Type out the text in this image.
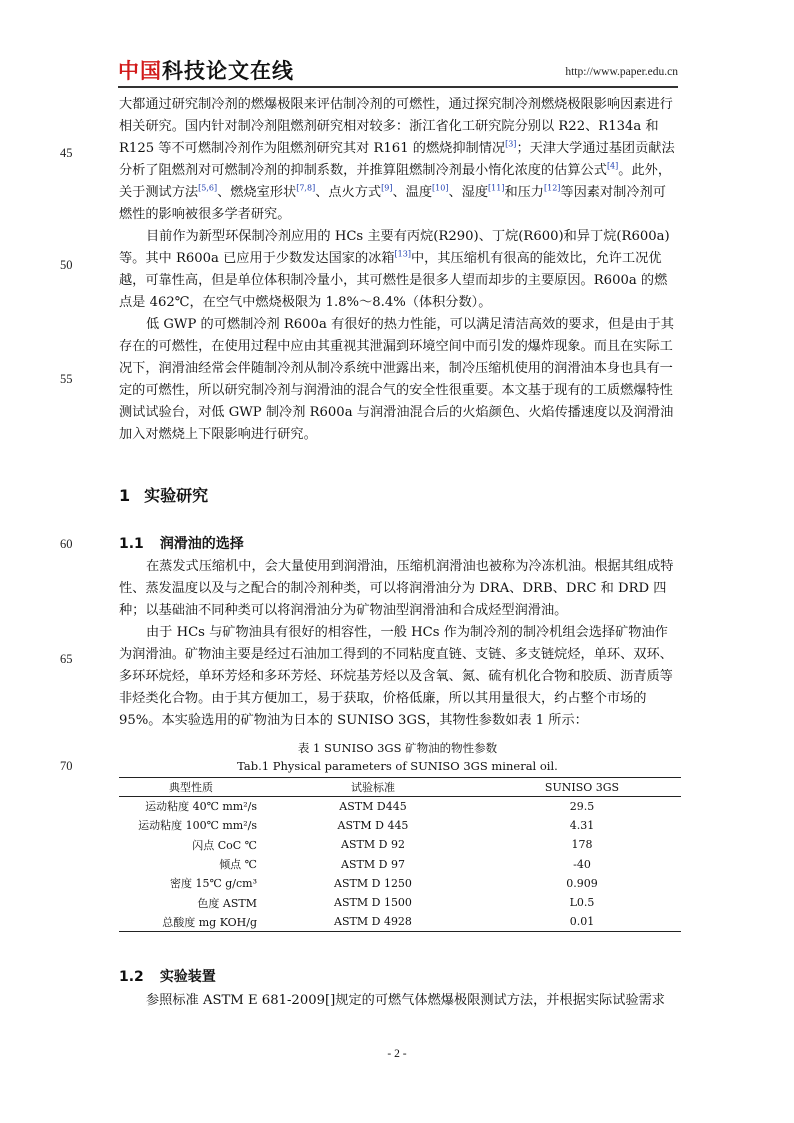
中国科技论文在线	http://www.paper.edu.cn
45
50
55
60
65
70

大都通过研究制冷剂的燃爆极限来评估制冷剂的可燃性，通过探究制冷剂燃烧极限影响因素进行相关研究。国内针对制冷剂阻燃剂研究相对较多：浙江省化工研究院分别以 R22、R134a 和 R125 等不可燃制冷剂作为阻燃剂研究其对 R161 的燃烧抑制情况[3]；天津大学通过基团贡献法分析了阻燃剂对可燃制冷剂的抑制系数，并推算阻燃制冷剂最小惰化浓度的估算公式[4]。此外，关于测试方法[5,6]、燃烧室形状[7,8]、点火方式[9]、温度[10]、湿度[11]和压力[12]等因素对制冷剂可燃性的影响被很多学者研究。

目前作为新型环保制冷剂应用的 HCs 主要有丙烷(R290)、丁烷(R600)和异丁烷(R600a)等。其中 R600a 已应用于少数发达国家的冰箱[13]中，其压缩机有很高的能效比，允许工况优越，可靠性高，但是单位体积制冷量小，其可燃性是很多人望而却步的主要原因。R600a 的燃点是 462℃，在空气中燃烧极限为 1.8%～8.4%（体积分数）。

低 GWP 的可燃制冷剂 R600a 有很好的热力性能，可以满足清洁高效的要求，但是由于其存在的可燃性，在使用过程中应由其重视其泄漏到环境空间中而引发的爆炸现象。而且在实际工况下，润滑油经常会伴随制冷剂从制冷系统中泄露出来，制冷压缩机使用的润滑油本身也具有一定的可燃性，所以研究制冷剂与润滑油的混合气的安全性很重要。本文基于现有的工质燃爆特性测试试验台，对低 GWP 制冷剂 R600a 与润滑油混合后的火焰颜色、火焰传播速度以及润滑油加入对燃烧上下限影响进行研究。

1 实验研究
1.1 润滑油的选择

在蒸发式压缩机中，会大量使用到润滑油，压缩机润滑油也被称为冷冻机油。根据其组成特性、蒸发温度以及与之配合的制冷剂种类，可以将润滑油分为 DRA、DRB、DRC 和 DRD 四种；以基础油不同种类可以将润滑油分为矿物油型润滑油和合成烃型润滑油。

由于 HCs 与矿物油具有很好的相容性，一般 HCs 作为制冷剂的制冷机组会选择矿物油作为润滑油。矿物油主要是经过石油加工得到的不同粘度直链、支链、多支链烷烃，单环、双环、多环环烷烃，单环芳烃和多环芳烃、环烷基芳烃以及含氧、氮、硫有机化合物和胶质、沥青质等非烃类化合物。由于其方便加工，易于获取，价格低廉，所以其用量很大，约占整个市场的 95%。本实验选用的矿物油为日本的 SUNISO 3GS，其物性参数如表 1 所示：

表 1 SUNISO 3GS 矿物油的物性参数
Tab.1 Physical parameters of SUNISO 3GS mineral oil.
典型性质	试验标准	SUNISO 3GS
运动粘度 40℃ mm²/s	ASTM D445	29.5
运动粘度 100℃ mm²/s	ASTM D 445	4.31
闪点 CoC ℃	ASTM D 92	178
倾点 ℃	ASTM D 97	-40
密度 15℃ g/cm³	ASTM D 1250	0.909
色度 ASTM	ASTM D 1500	L0.5
总酸度 mg KOH/g	ASTM D 4928	0.01
1.2 实验装置

参照标准 ASTM E 681-2009[]规定的可燃气体燃爆极限测试方法，并根据实际试验需求

- 2 -
